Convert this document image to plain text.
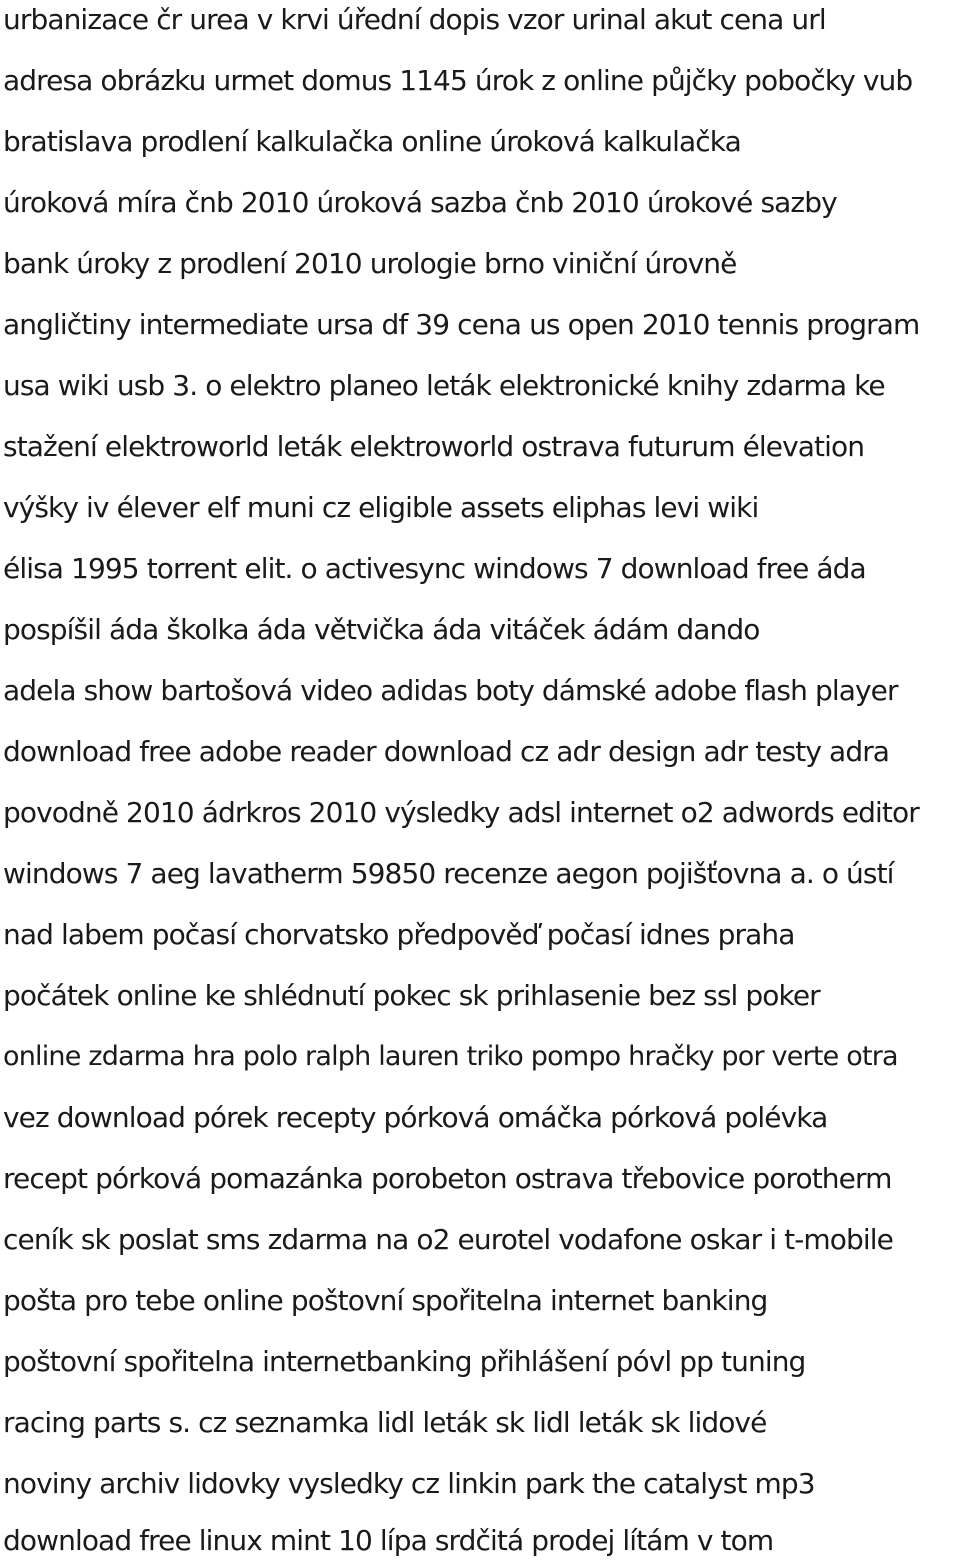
urbanizace čr urea v krvi úřední dopis vzor urinal akut cena url
adresa obrázku urmet domus 1145 úrok z online půjčky pobočky vub
bratislava prodlení kalkulačka online úroková kalkulačka
úroková míra čnb 2010 úroková sazba čnb 2010 úrokové sazby
bank úroky z prodlení 2010 urologie brno viniční úrovně
angličtiny intermediate ursa df 39 cena us open 2010 tennis program
usa wiki usb 3. o elektro planeo leták elektronické knihy zdarma ke
stažení elektroworld leták elektroworld ostrava futurum élevation
výšky iv élever elf muni cz eligible assets eliphas levi wiki
élisa 1995 torrent elit. o activesync windows 7 download free áda
pospíšil áda školka áda větvička áda vitáček ádám dando
adela show bartošová video adidas boty dámské adobe flash player
download free adobe reader download cz adr design adr testy adra
povodně 2010 ádrkros 2010 výsledky adsl internet o2 adwords editor
windows 7 aeg lavatherm 59850 recenze aegon pojišťovna a. o ústí
nad labem počasí chorvatsko předpověď počasí idnes praha
počátek online ke shlédnutí pokec sk prihlasenie bez ssl poker
online zdarma hra polo ralph lauren triko pompo hračky por verte otra
vez download pórek recepty pórková omáčka pórková polévka
recept pórková pomazánka porobeton ostrava třebovice porotherm
ceník sk poslat sms zdarma na o2 eurotel vodafone oskar i t-mobile
pošta pro tebe online poštovní spořitelna internet banking
poštovní spořitelna internetbanking přihlášení póvl pp tuning
racing parts s. cz seznamka lidl leták sk lidl leták sk lidové
noviny archiv lidovky vysledky cz linkin park the catalyst mp3
download free linux mint 10 lípa srdčitá prodej lítám v tom
